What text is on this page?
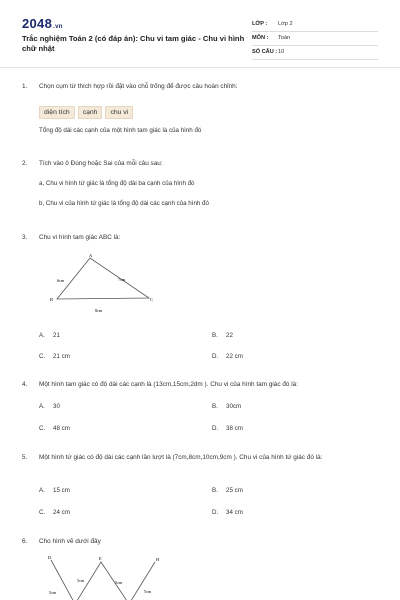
2048.vn
Trắc nghiệm Toán 2 (có đáp án): Chu vi tam giác - Chu vi hình chữ nhật
LỚP : Lớp 2
MÔN : Toán
SỐ CÂU : 10
1. Chọn cụm từ thích hợp rồi đặt vào chỗ trống để được câu hoàn chỉnh:
diện tích cạnh chu vi
Tổng độ dài các cạnh của một hình tam giác là của hình đó
2. Tích vào ô Đúng hoặc Sai của mỗi câu sau:
a, Chu vi hình tứ giác là tổng độ dài ba cạnh của hình đó
b, Chu vi của hình tứ giác là tổng độ dài các cạnh của hình đó
3. Chu vi hình tam giác ABC là:
A
B	C
6cm	7cm
8cm
A. 21	B. 22
C. 21 cm	D. 22 cm
4. Một hình tam giác có độ dài các cạnh là (13cm,15cm,2dm ). Chu vi của hình tam giác đó là:
A. 30	B. 30cm
C. 48 cm	D. 38 cm
5. Một hình tứ giác có độ dài các cạnh lần lượt là (7cm,8cm,10cm,9cm ). Chu vi của hình tứ giác đó là:
A. 15 cm	B. 25 cm
C. 24 cm	D. 34 cm
6. Cho hình vẽ dưới đây
D	E	H
5cm
5cm	5cm
5cm
